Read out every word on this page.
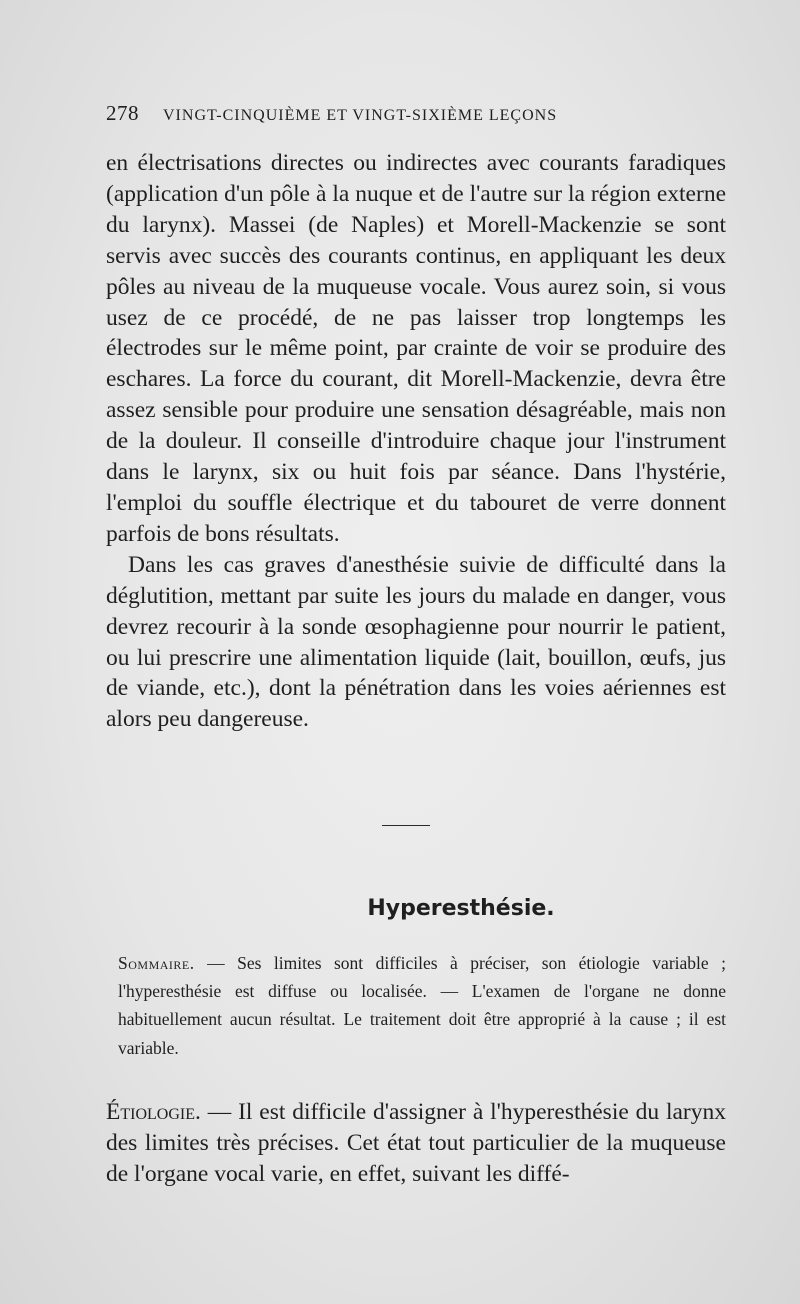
278 VINGT-CINQUIÈME ET VINGT-SIXIÈME LEÇONS

en électrisations directes ou indirectes avec courants faradiques (application d'un pôle à la nuque et de l'autre sur la région externe du larynx). Massei (de Naples) et Morell-Mackenzie se sont servis avec succès des courants continus, en appliquant les deux pôles au niveau de la muqueuse vocale. Vous aurez soin, si vous usez de ce procédé, de ne pas laisser trop longtemps les électrodes sur le même point, par crainte de voir se produire des eschares. La force du courant, dit Morell-Mackenzie, devra être assez sensible pour produire une sensation désagréable, mais non de la douleur. Il conseille d'introduire chaque jour l'instrument dans le larynx, six ou huit fois par séance. Dans l'hystérie, l'emploi du souffle électrique et du tabouret de verre donnent parfois de bons résultats.

Dans les cas graves d'anesthésie suivie de difficulté dans la déglutition, mettant par suite les jours du malade en danger, vous devrez recourir à la sonde œsophagienne pour nourrir le patient, ou lui prescrire une alimentation liquide (lait, bouillon, œufs, jus de viande, etc.), dont la pénétration dans les voies aériennes est alors peu dangereuse.

Hyperesthésie.
Sommaire. — Ses limites sont difficiles à préciser, son étiologie variable ; l'hyperesthésie est diffuse ou localisée. — L'examen de l'organe ne donne habituellement aucun résultat. Le traitement doit être approprié à la cause ; il est variable.
Étiologie. — Il est difficile d'assigner à l'hyperesthésie du larynx des limites très précises. Cet état tout particulier de la muqueuse de l'organe vocal varie, en effet, suivant les diffé-
